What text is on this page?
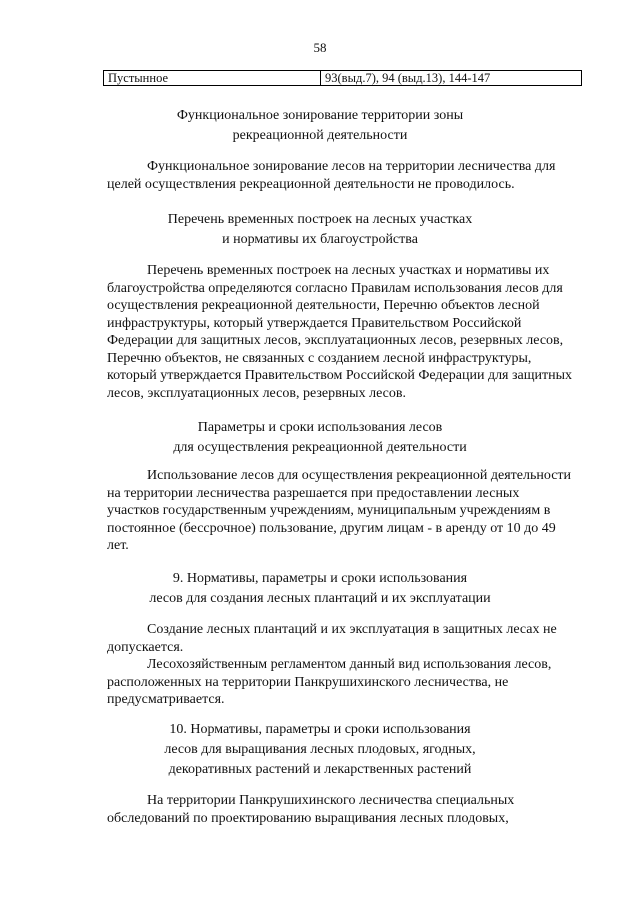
58
Пустынное	93(выд.7), 94 (выд.13), 144-147
Функциональное зонирование территории зоны
рекреационной деятельности
Функциональное зонирование лесов на территории лесничества для
целей осуществления рекреационной деятельности не проводилось.
Перечень временных построек на лесных участках
и нормативы их благоустройства
Перечень временных построек на лесных участках и нормативы их
благоустройства определяются согласно Правилам использования лесов для
осуществления рекреационной деятельности, Перечню объектов лесной
инфраструктуры, который утверждается Правительством Российской
Федерации для защитных лесов, эксплуатационных лесов, резервных лесов,
Перечню объектов, не связанных с созданием лесной инфраструктуры,
который утверждается Правительством Российской Федерации для защитных
лесов, эксплуатационных лесов, резервных лесов.
Параметры и сроки использования лесов
для осуществления рекреационной деятельности
Использование лесов для осуществления рекреационной деятельности
на территории лесничества разрешается при предоставлении лесных
участков государственным учреждениям, муниципальным учреждениям в
постоянное (бессрочное) пользование, другим лицам - в аренду от 10 до 49
лет.
9. Нормативы, параметры и сроки использования
лесов для создания лесных плантаций и их эксплуатации
Создание лесных плантаций и их эксплуатация в защитных лесах не
допускается.
Лесохозяйственным регламентом данный вид использования лесов,
расположенных на территории Панкрушихинского лесничества, не
предусматривается.
10. Нормативы, параметры и сроки использования
лесов для выращивания лесных плодовых, ягодных,
декоративных растений и лекарственных растений
На территории Панкрушихинского лесничества специальных
обследований по проектированию выращивания лесных плодовых,
